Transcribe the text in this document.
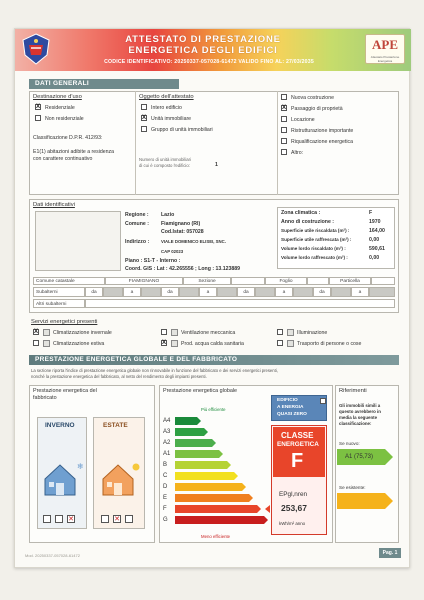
ATTESTATO DI PRESTAZIONE
ENERGETICA DEGLI EDIFICI
CODICE IDENTIFICATIVO: 20250337-057028-61472 VALIDO FINO AL: 27/03/2035
APE
Attestato Prestazione Energetica
DATI GENERALI
Destinazione d'uso
X Residenziale
Non residenziale
Classificazione D.P.R. 412/93:
E1(1) abitazioni adibite a residenza
con carattere continuativo
Oggetto dell'attestato
Intero edificio
X Unità immobiliare
Gruppo di unità immobiliari
Numero di unità immobiliari
di cui è composto l'edificio:	1
Nuova costruzione
X Passaggio di proprietà
Locazione
Ristrutturazione importante
Riqualificazione energetica
Altro:
Dati identificativi
Regione : Lazio
Comune : Fiamignano (RI)
Cod.Istat: 057028
Indirizzo :	VIALE DOMENICO ELISEI, SNC.
CAP 02023
Piano : S1-T - Interno :
Coord. GIS : Lat : 42.265556 ; Long : 13.123889
Zona climatica :	F
Anno di costruzione :	1970
Superficie utile riscaldata (m²) :	164,00
Superficie utile raffrescata (m²) :	0,00
Volume lordo riscaldato (m³) :	590,61
Volume lordo raffrescato (m³) :	0,00
Comune catastale	FIAMIGNANO	Sezione	Foglio	Particella
Subalterni	da	a	da	a	da	a	da	a
Altri subalterni
Servizi energetici presenti
X	Climatizzazione invernale
Climatizzazione estiva
Ventilazione meccanica
X	Prod. acqua calda sanitaria
Illuminazione
Trasporto di persone o cose
PRESTAZIONE ENERGETICA GLOBALE E DEL FABBRICATO
La sezione riporta l'indice di prestazione energetica globale non rinnovabile in funzione del fabbricato e dei servizi energetici presenti,
nonché la prestazione energetica del fabbricato, al netto del rendimento degli impianti presenti.
Prestazione energetica del
fabbricato
INVERNO
❄
✕
ESTATE
✕
Prestazione energetica globale
Più efficiente
Meno efficiente
EDIFICIO
A ENERGIA
QUASI ZERO
CLASSE
ENERGETICA
F
EPgl,nren
253,67
kWh/m² anno
Riferimenti
Gli immobili simili a
questo avrebbero in
media la seguente
classificazione:
Se nuovo:
A1 (75,73)
Se esistente:
Mod. 20250337-057028-61472	Pag. 1
A4
A3
A2
A1
B
C
D
E
F
G
